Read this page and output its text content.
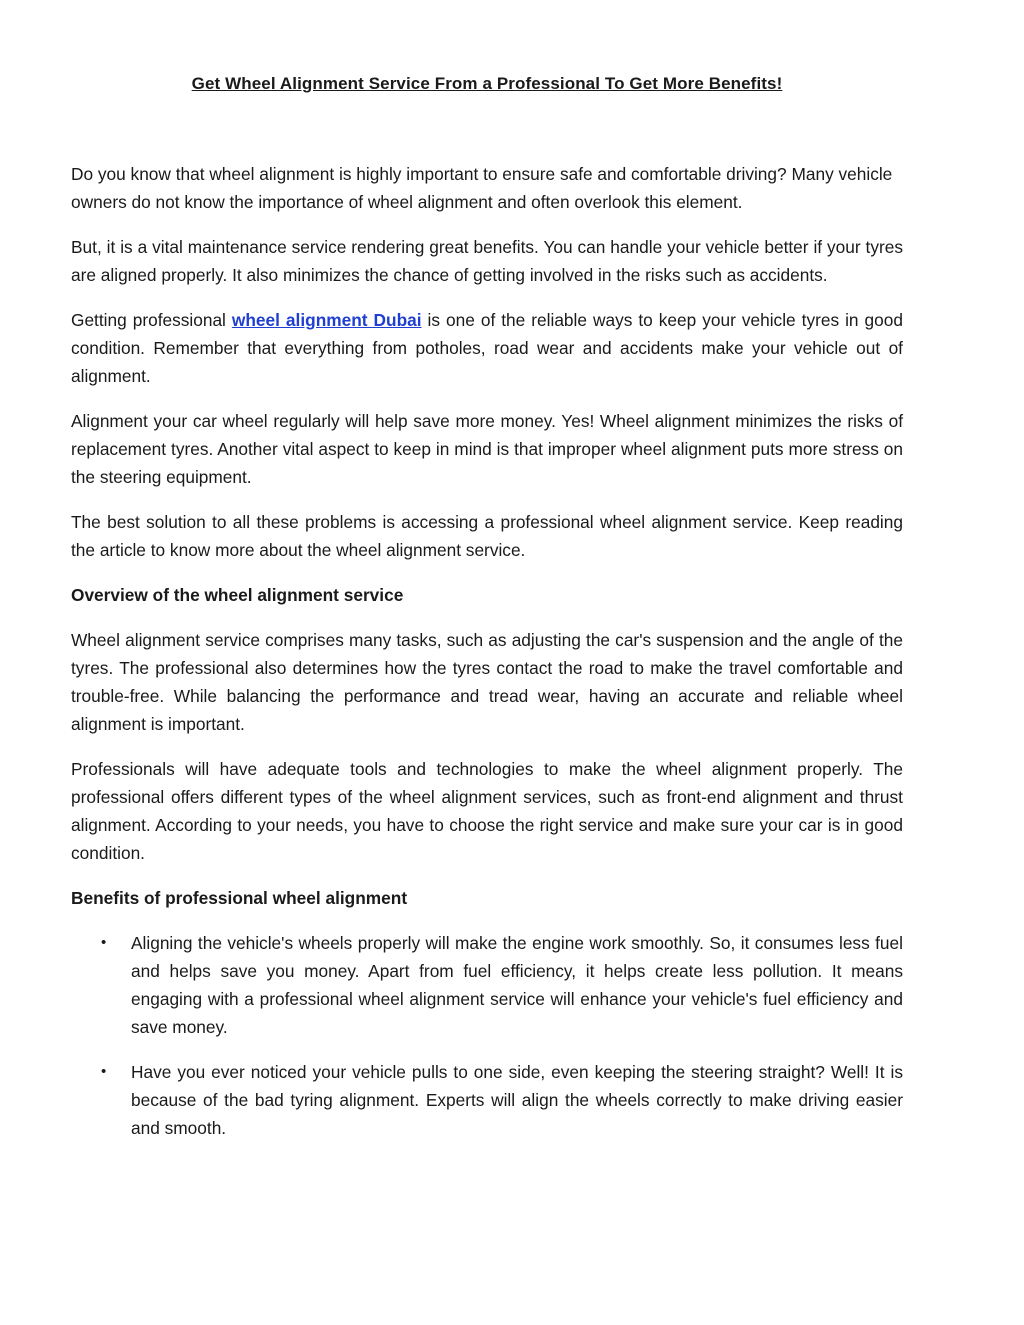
Get Wheel Alignment Service From a Professional To Get More Benefits!

Do you know that wheel alignment is highly important to ensure safe and comfortable driving? Many vehicle owners do not know the importance of wheel alignment and often overlook this element.

But, it is a vital maintenance service rendering great benefits. You can handle your vehicle better if your tyres are aligned properly. It also minimizes the chance of getting involved in the risks such as accidents.

Getting professional wheel alignment Dubai is one of the reliable ways to keep your vehicle tyres in good condition. Remember that everything from potholes, road wear and accidents make your vehicle out of alignment.

Alignment your car wheel regularly will help save more money. Yes! Wheel alignment minimizes the risks of replacement tyres. Another vital aspect to keep in mind is that improper wheel alignment puts more stress on the steering equipment.

The best solution to all these problems is accessing a professional wheel alignment service. Keep reading the article to know more about the wheel alignment service.

Overview of the wheel alignment service

Wheel alignment service comprises many tasks, such as adjusting the car's suspension and the angle of the tyres. The professional also determines how the tyres contact the road to make the travel comfortable and trouble-free. While balancing the performance and tread wear, having an accurate and reliable wheel alignment is important.

Professionals will have adequate tools and technologies to make the wheel alignment properly. The professional offers different types of the wheel alignment services, such as front-end alignment and thrust alignment. According to your needs, you have to choose the right service and make sure your car is in good condition.

Benefits of professional wheel alignment
• Aligning the vehicle's wheels properly will make the engine work smoothly. So, it consumes less fuel and helps save you money. Apart from fuel efficiency, it helps create less pollution. It means engaging with a professional wheel alignment service will enhance your vehicle's fuel efficiency and save money.
• Have you ever noticed your vehicle pulls to one side, even keeping the steering straight? Well! It is because of the bad tyring alignment. Experts will align the wheels correctly to make driving easier and smooth.
